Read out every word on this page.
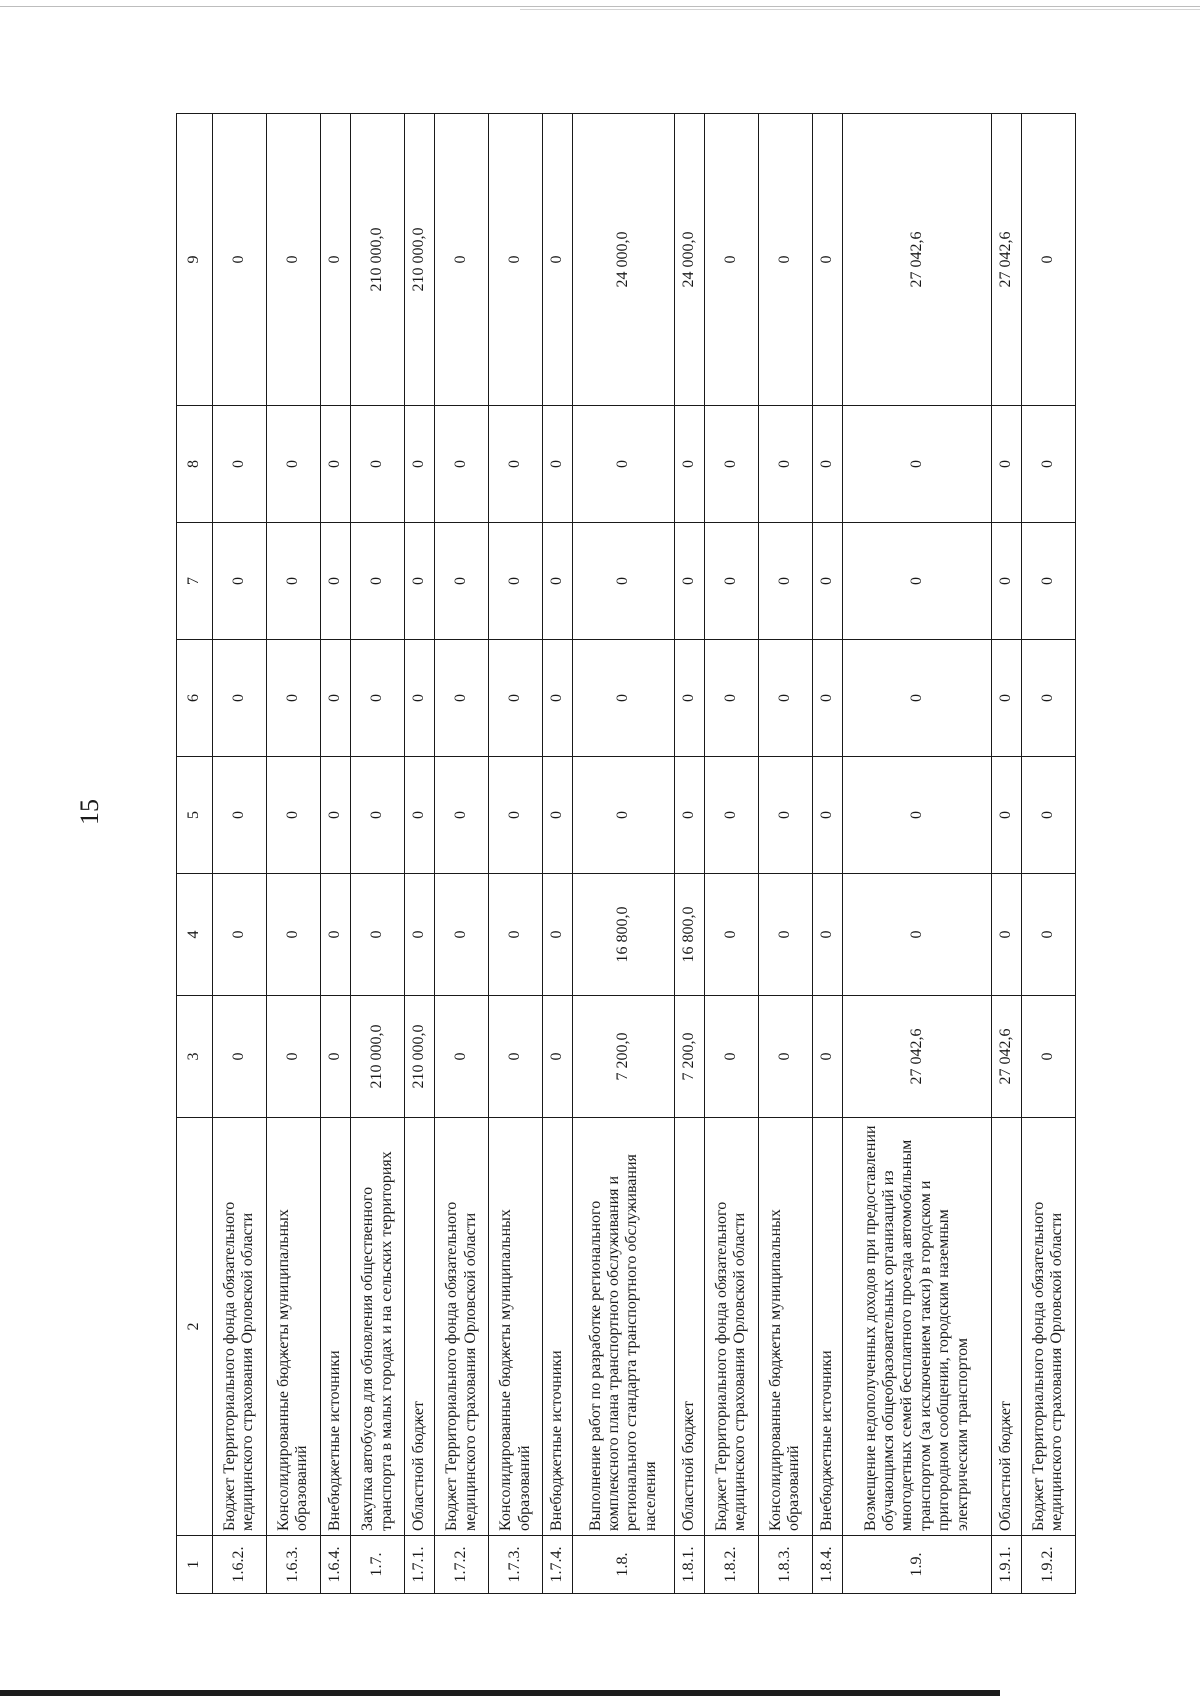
15
1	2	3	4	5	6	7	8	9
1.6.2.	Бюджет Территориального фонда обязательного медицинского страхования Орловской области	0	0	0	0	0	0	0
1.6.3.	Консолидированные бюджеты муниципальных образований	0	0	0	0	0	0	0
1.6.4.	Внебюджетные источники	0	0	0	0	0	0	0
1.7.	Закупка автобусов для обновления общественного транспорта в малых городах и на сельских территориях	210 000,0	0	0	0	0	0	210 000,0
1.7.1.	Областной бюджет	210 000,0	0	0	0	0	0	210 000,0
1.7.2.	Бюджет Территориального фонда обязательного медицинского страхования Орловской области	0	0	0	0	0	0	0
1.7.3.	Консолидированные бюджеты муниципальных образований	0	0	0	0	0	0	0
1.7.4.	Внебюджетные источники	0	0	0	0	0	0	0
1.8.	Выполнение работ по разработке регионального комплексного плана транспортного обслуживания и регионального стандарта транспортного обслуживания населения	7 200,0	16 800,0	0	0	0	0	24 000,0
1.8.1.	Областной бюджет	7 200,0	16 800,0	0	0	0	0	24 000,0
1.8.2.	Бюджет Территориального фонда обязательного медицинского страхования Орловской области	0	0	0	0	0	0	0
1.8.3.	Консолидированные бюджеты муниципальных образований	0	0	0	0	0	0	0
1.8.4.	Внебюджетные источники	0	0	0	0	0	0	0
1.9.	Возмещение недополученных доходов при предоставлении обучающимся общеобразовательных организаций из многодетных семей бесплатного проезда автомобильным транспортом (за исключением такси) в городском и пригородном сообщении, городским наземным электрическим транспортом	27 042,6	0	0	0	0	0	27 042,6
1.9.1.	Областной бюджет	27 042,6	0	0	0	0	0	27 042,6
1.9.2.	Бюджет Территориального фонда обязательного медицинского страхования Орловской области	0	0	0	0	0	0	0
